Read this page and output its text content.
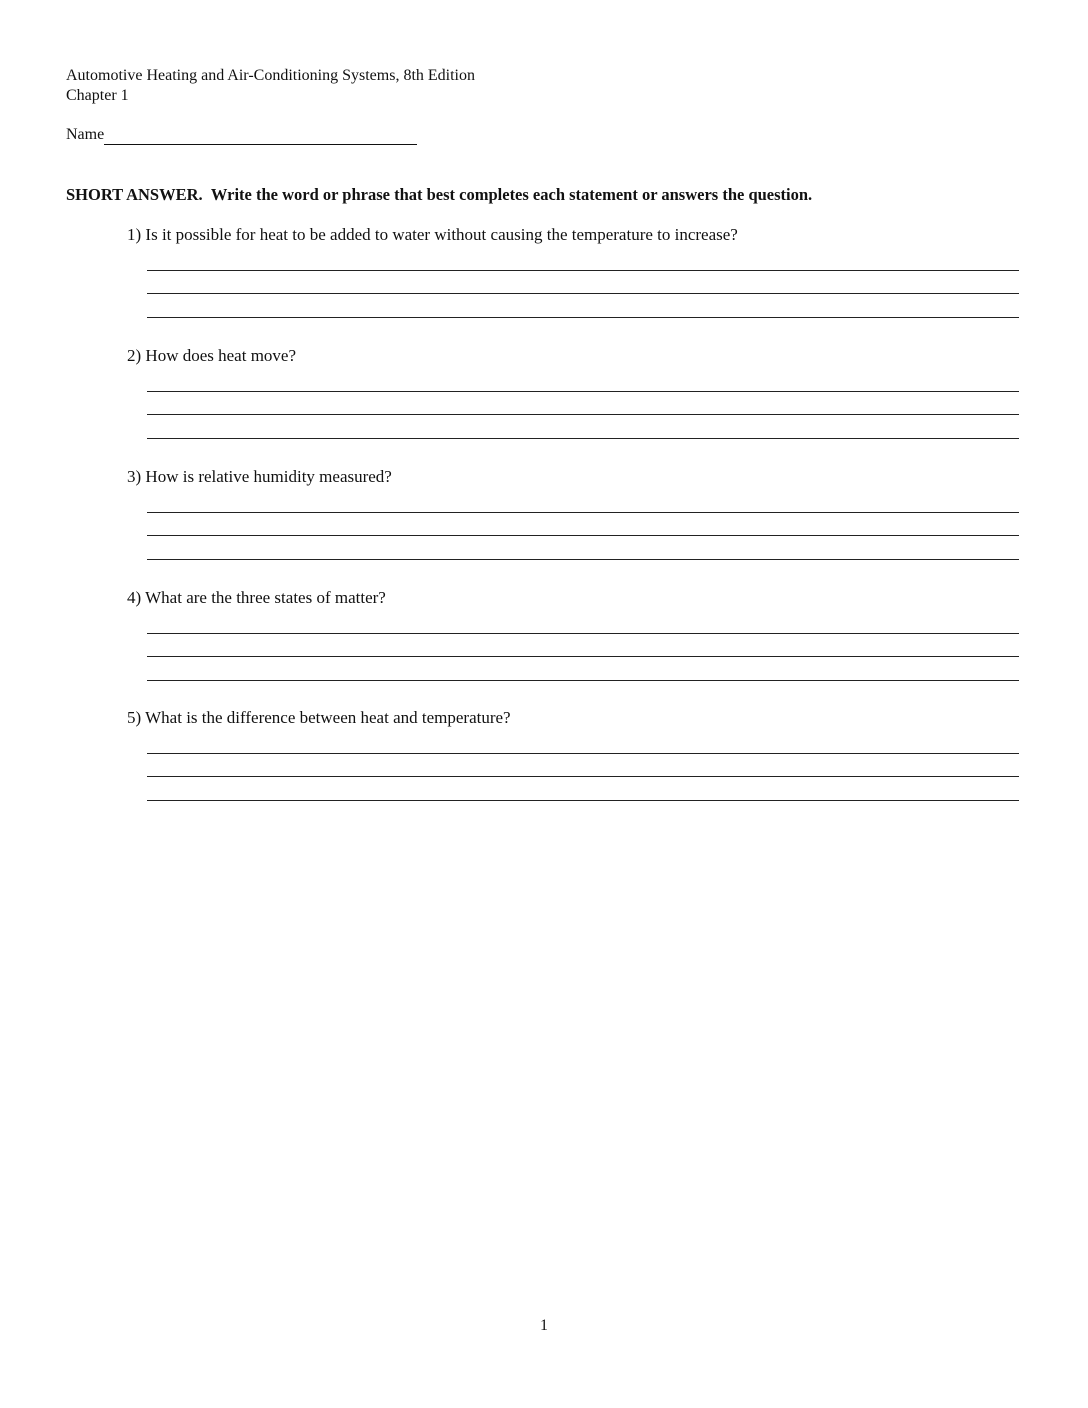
Automotive Heating and Air-Conditioning Systems, 8th Edition
Chapter 1
Name
SHORT ANSWER. Write the word or phrase that best completes each statement or answers the question.
1) Is it possible for heat to be added to water without causing the temperature to increase?
2) How does heat move?
3) How is relative humidity measured?
4) What are the three states of matter?
5) What is the difference between heat and temperature?
1
